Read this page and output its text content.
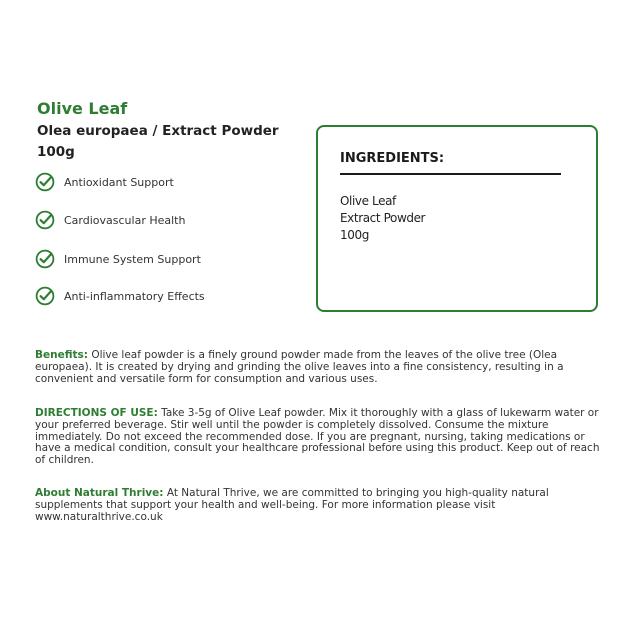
Olive Leaf
Olea europaea / Extract Powder
100g
Antioxidant Support
Cardiovascular Health
Immune System Support
Anti-inflammatory Effects
INGREDIENTS:
Olive Leaf
Extract Powder
100g
Benefits: Olive leaf powder is a finely ground powder made from the leaves of the olive tree (Olea europaea). It is created by drying and grinding the olive leaves into a fine consistency, resulting in a convenient and versatile form for consumption and various uses.
DIRECTIONS OF USE: Take 3-5g of Olive Leaf powder. Mix it thoroughly with a glass of lukewarm water or your preferred beverage. Stir well until the powder is completely dissolved. Consume the mixture immediately. Do not exceed the recommended dose. If you are pregnant, nursing, taking medications or have a medical condition, consult your healthcare professional before using this product. Keep out of reach of children.
About Natural Thrive: At Natural Thrive, we are committed to bringing you high-quality natural supplements that support your health and well-being. For more information please visit www.naturalthrive.co.uk
